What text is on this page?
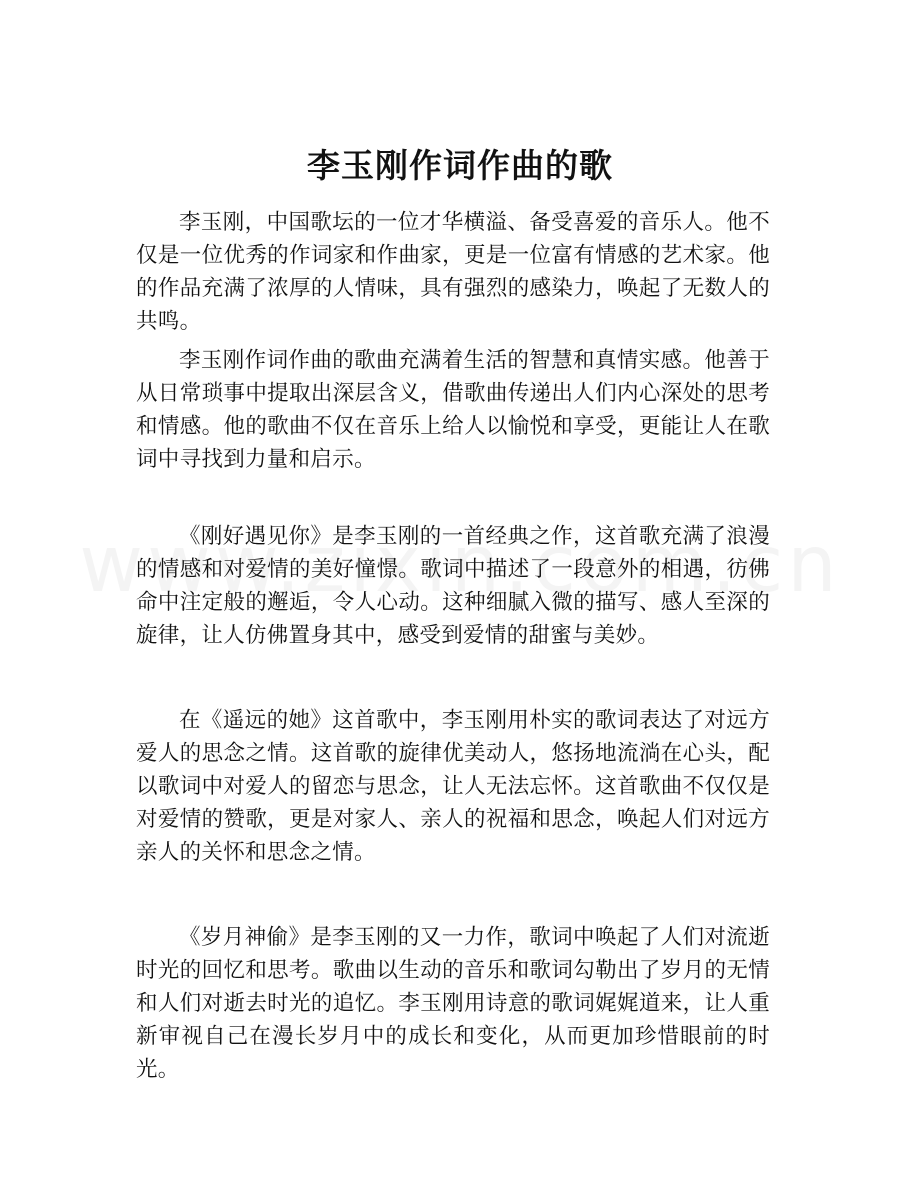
李玉刚作词作曲的歌

李玉刚，中国歌坛的一位才华横溢、备受喜爱的音乐人。他不仅是一位优秀的作词家和作曲家，更是一位富有情感的艺术家。他的作品充满了浓厚的人情味，具有强烈的感染力，唤起了无数人的共鸣。

李玉刚作词作曲的歌曲充满着生活的智慧和真情实感。他善于从日常琐事中提取出深层含义，借歌曲传递出人们内心深处的思考和情感。他的歌曲不仅在音乐上给人以愉悦和享受，更能让人在歌词中寻找到力量和启示。

《刚好遇见你》是李玉刚的一首经典之作，这首歌充满了浪漫的情感和对爱情的美好憧憬。歌词中描述了一段意外的相遇，彷佛命中注定般的邂逅，令人心动。这种细腻入微的描写、感人至深的旋律，让人仿佛置身其中，感受到爱情的甜蜜与美妙。

在《遥远的她》这首歌中，李玉刚用朴实的歌词表达了对远方爱人的思念之情。这首歌的旋律优美动人，悠扬地流淌在心头，配以歌词中对爱人的留恋与思念，让人无法忘怀。这首歌曲不仅仅是对爱情的赞歌，更是对家人、亲人的祝福和思念，唤起人们对远方亲人的关怀和思念之情。

《岁月神偷》是李玉刚的又一力作，歌词中唤起了人们对流逝时光的回忆和思考。歌曲以生动的音乐和歌词勾勒出了岁月的无情和人们对逝去时光的追忆。李玉刚用诗意的歌词娓娓道来，让人重新审视自己在漫长岁月中的成长和变化，从而更加珍惜眼前的时光。
